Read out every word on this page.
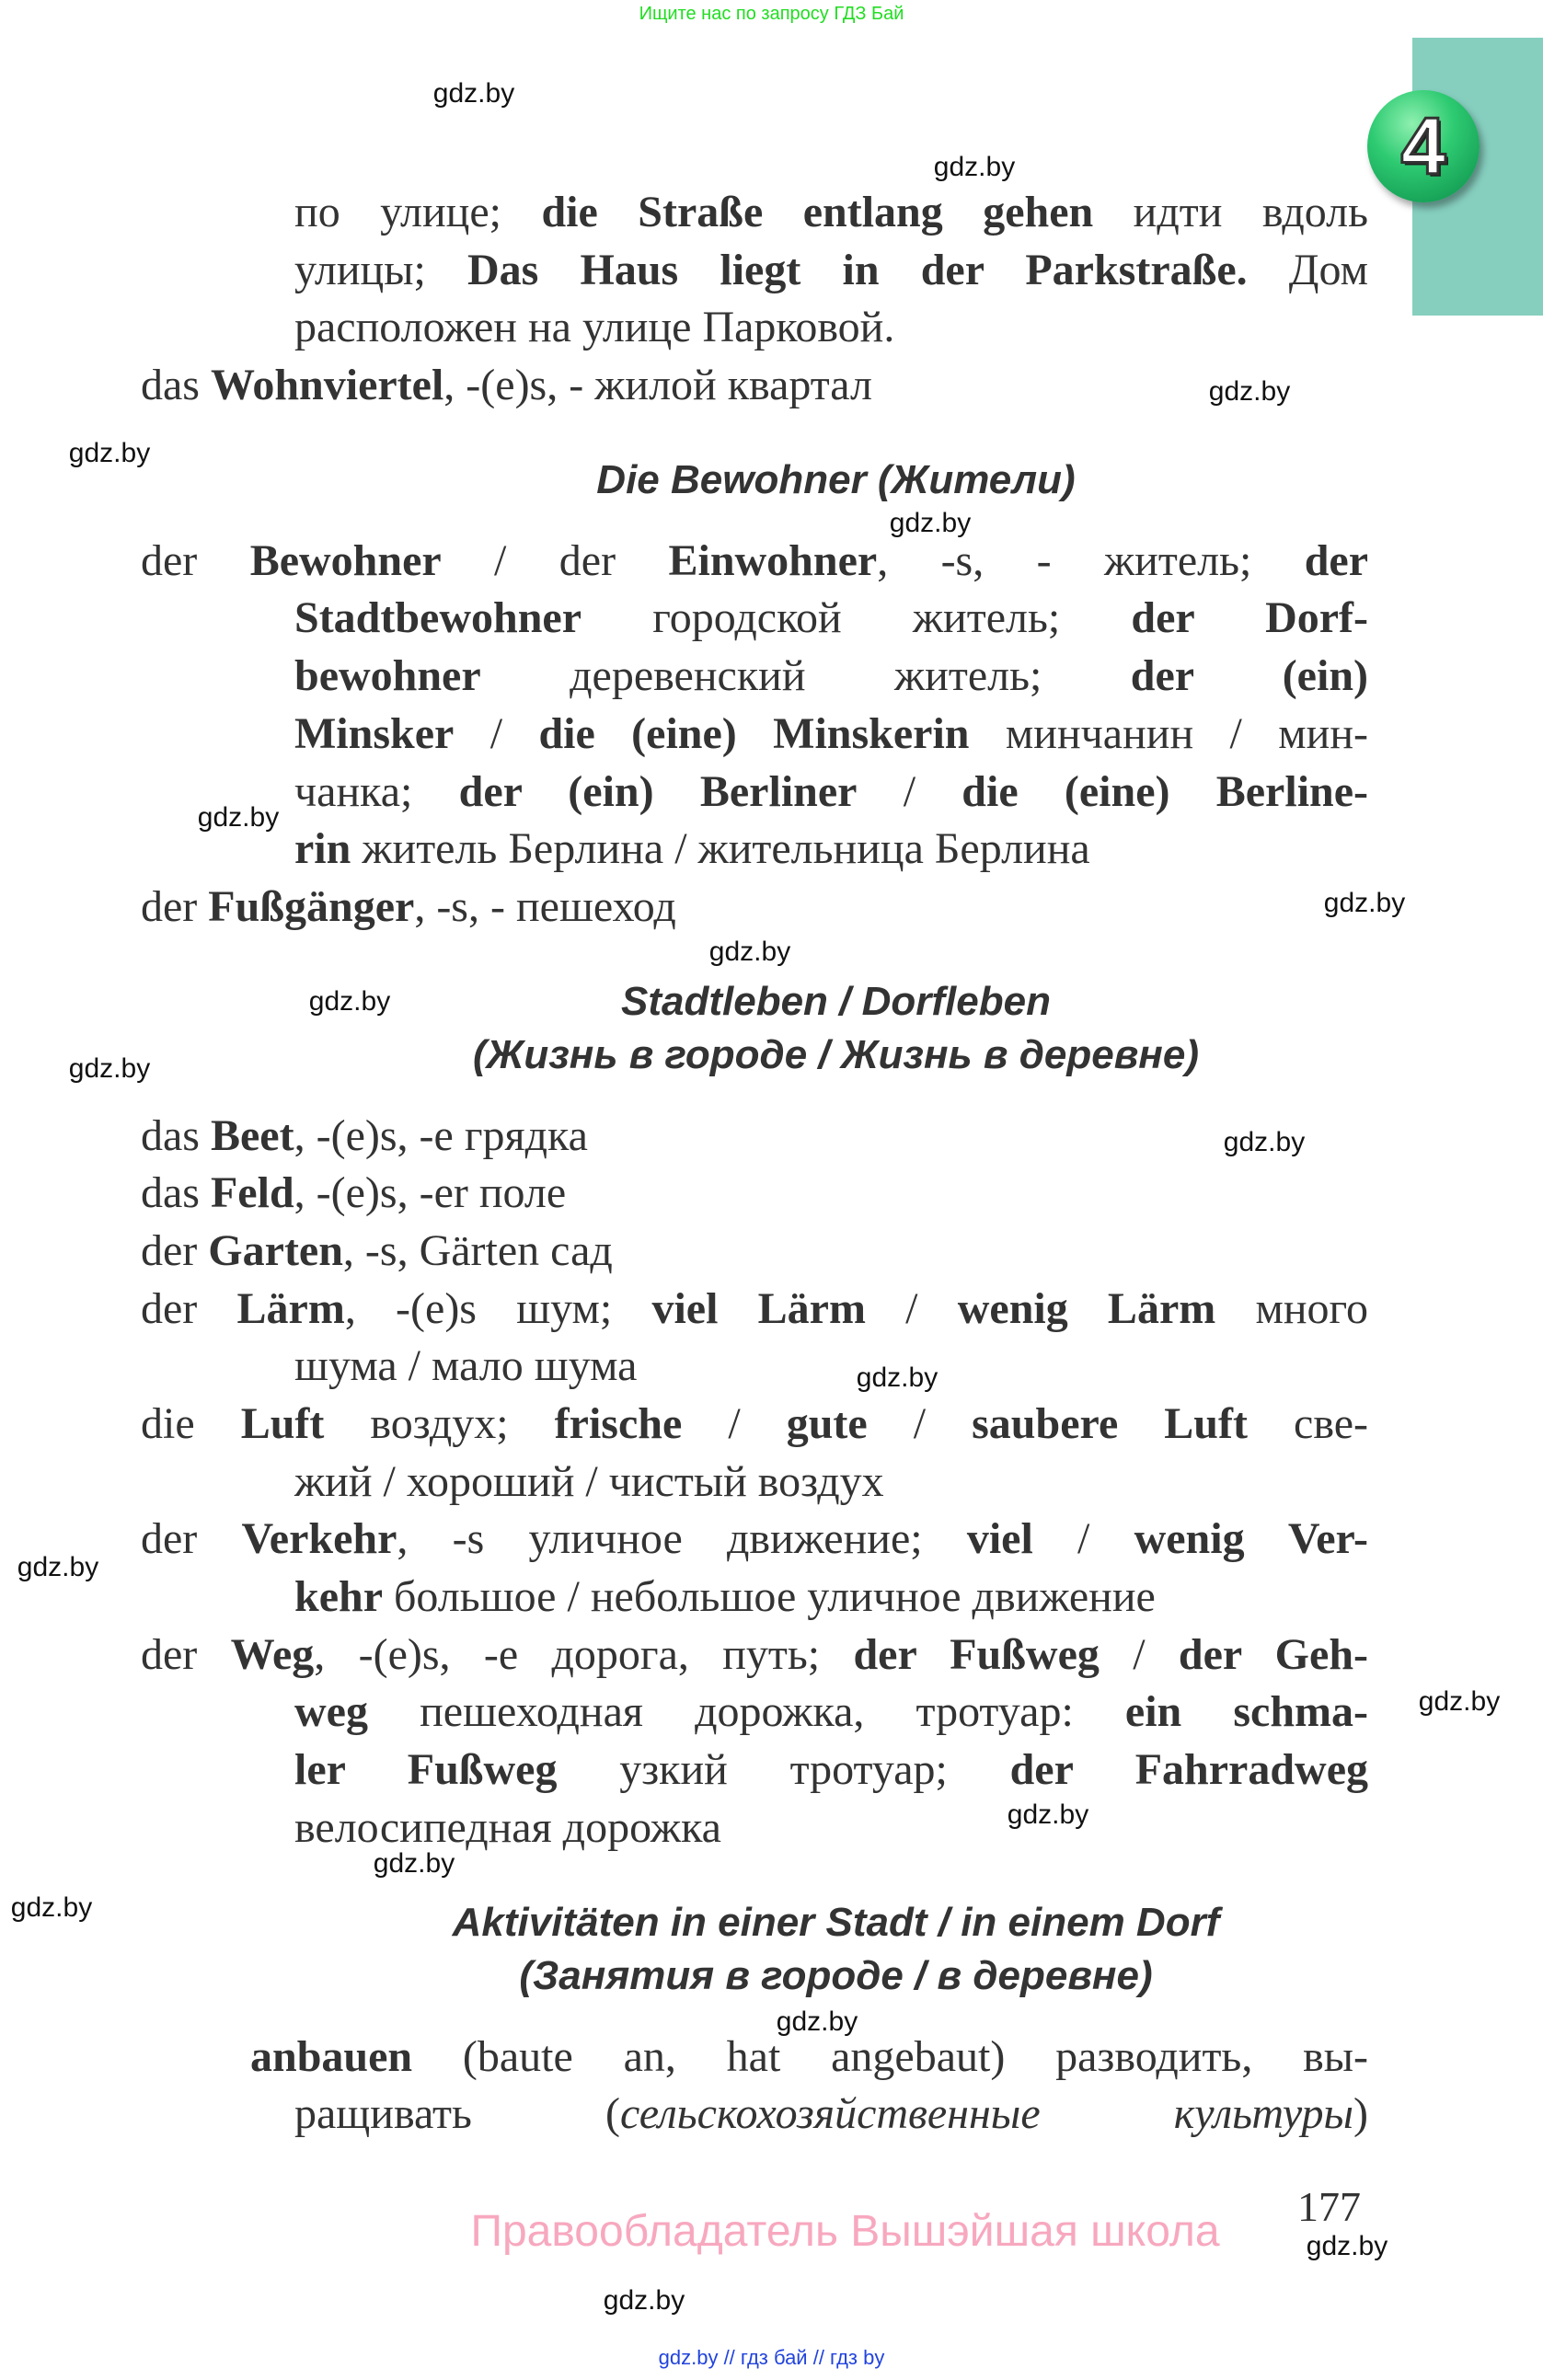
Ищите нас по запросу ГДЗ Бай
4
по улице; die Straße entlang gehen идти вдоль
улицы; Das Haus liegt in der Parkstraße. Дом
расположен на улице Парковой.
das Wohnviertel, -(e)s, - жилой квартал
Die Bewohner (Жители)
der Bewohner / der Einwohner, -s, - житель; der
Stadtbewohner городской житель; der Dorf-
bewohner деревенский житель; der (ein)
Minsker / die (eine) Minskerin минчанин / мин-
чанка; der (ein) Berliner / die (eine) Berline-
rin житель Берлина / жительница Берлина
der Fußgänger, -s, - пешеход
Stadtleben / Dorfleben
(Жизнь в городе / Жизнь в деревне)
das Beet, -(e)s, -e грядка
das Feld, -(e)s, -er поле
der Garten, -s, Gärten сад
der Lärm, -(e)s шум; viel Lärm / wenig Lärm много
шума / мало шума
die Luft воздух; frische / gute / saubere Luft све-
жий / хороший / чистый воздух
der Verkehr, -s уличное движение; viel / wenig Ver-
kehr большое / небольшое уличное движение
der Weg, -(e)s, -e дорога, путь; der Fußweg / der Geh-
weg пешеходная дорожка, тротуар: ein schma-
ler Fußweg узкий тротуар; der Fahrradweg
велосипедная дорожка
Aktivitäten in einer Stadt / in einem Dorf
(Занятия в городе / в деревне)
anbauen (baute an, hat angebaut) разводить, вы-
ращивать (сельскохозяйственные культуры)
177
Правообладатель Вышэйшая школа
gdz.by // гдз бай // гдз by
gdz.by
gdz.by
gdz.by
gdz.by
gdz.by
gdz.by
gdz.by
gdz.by
gdz.by
gdz.by
gdz.by
gdz.by
gdz.by
gdz.by
gdz.by
gdz.by
gdz.by
gdz.by
gdz.by
gdz.by
